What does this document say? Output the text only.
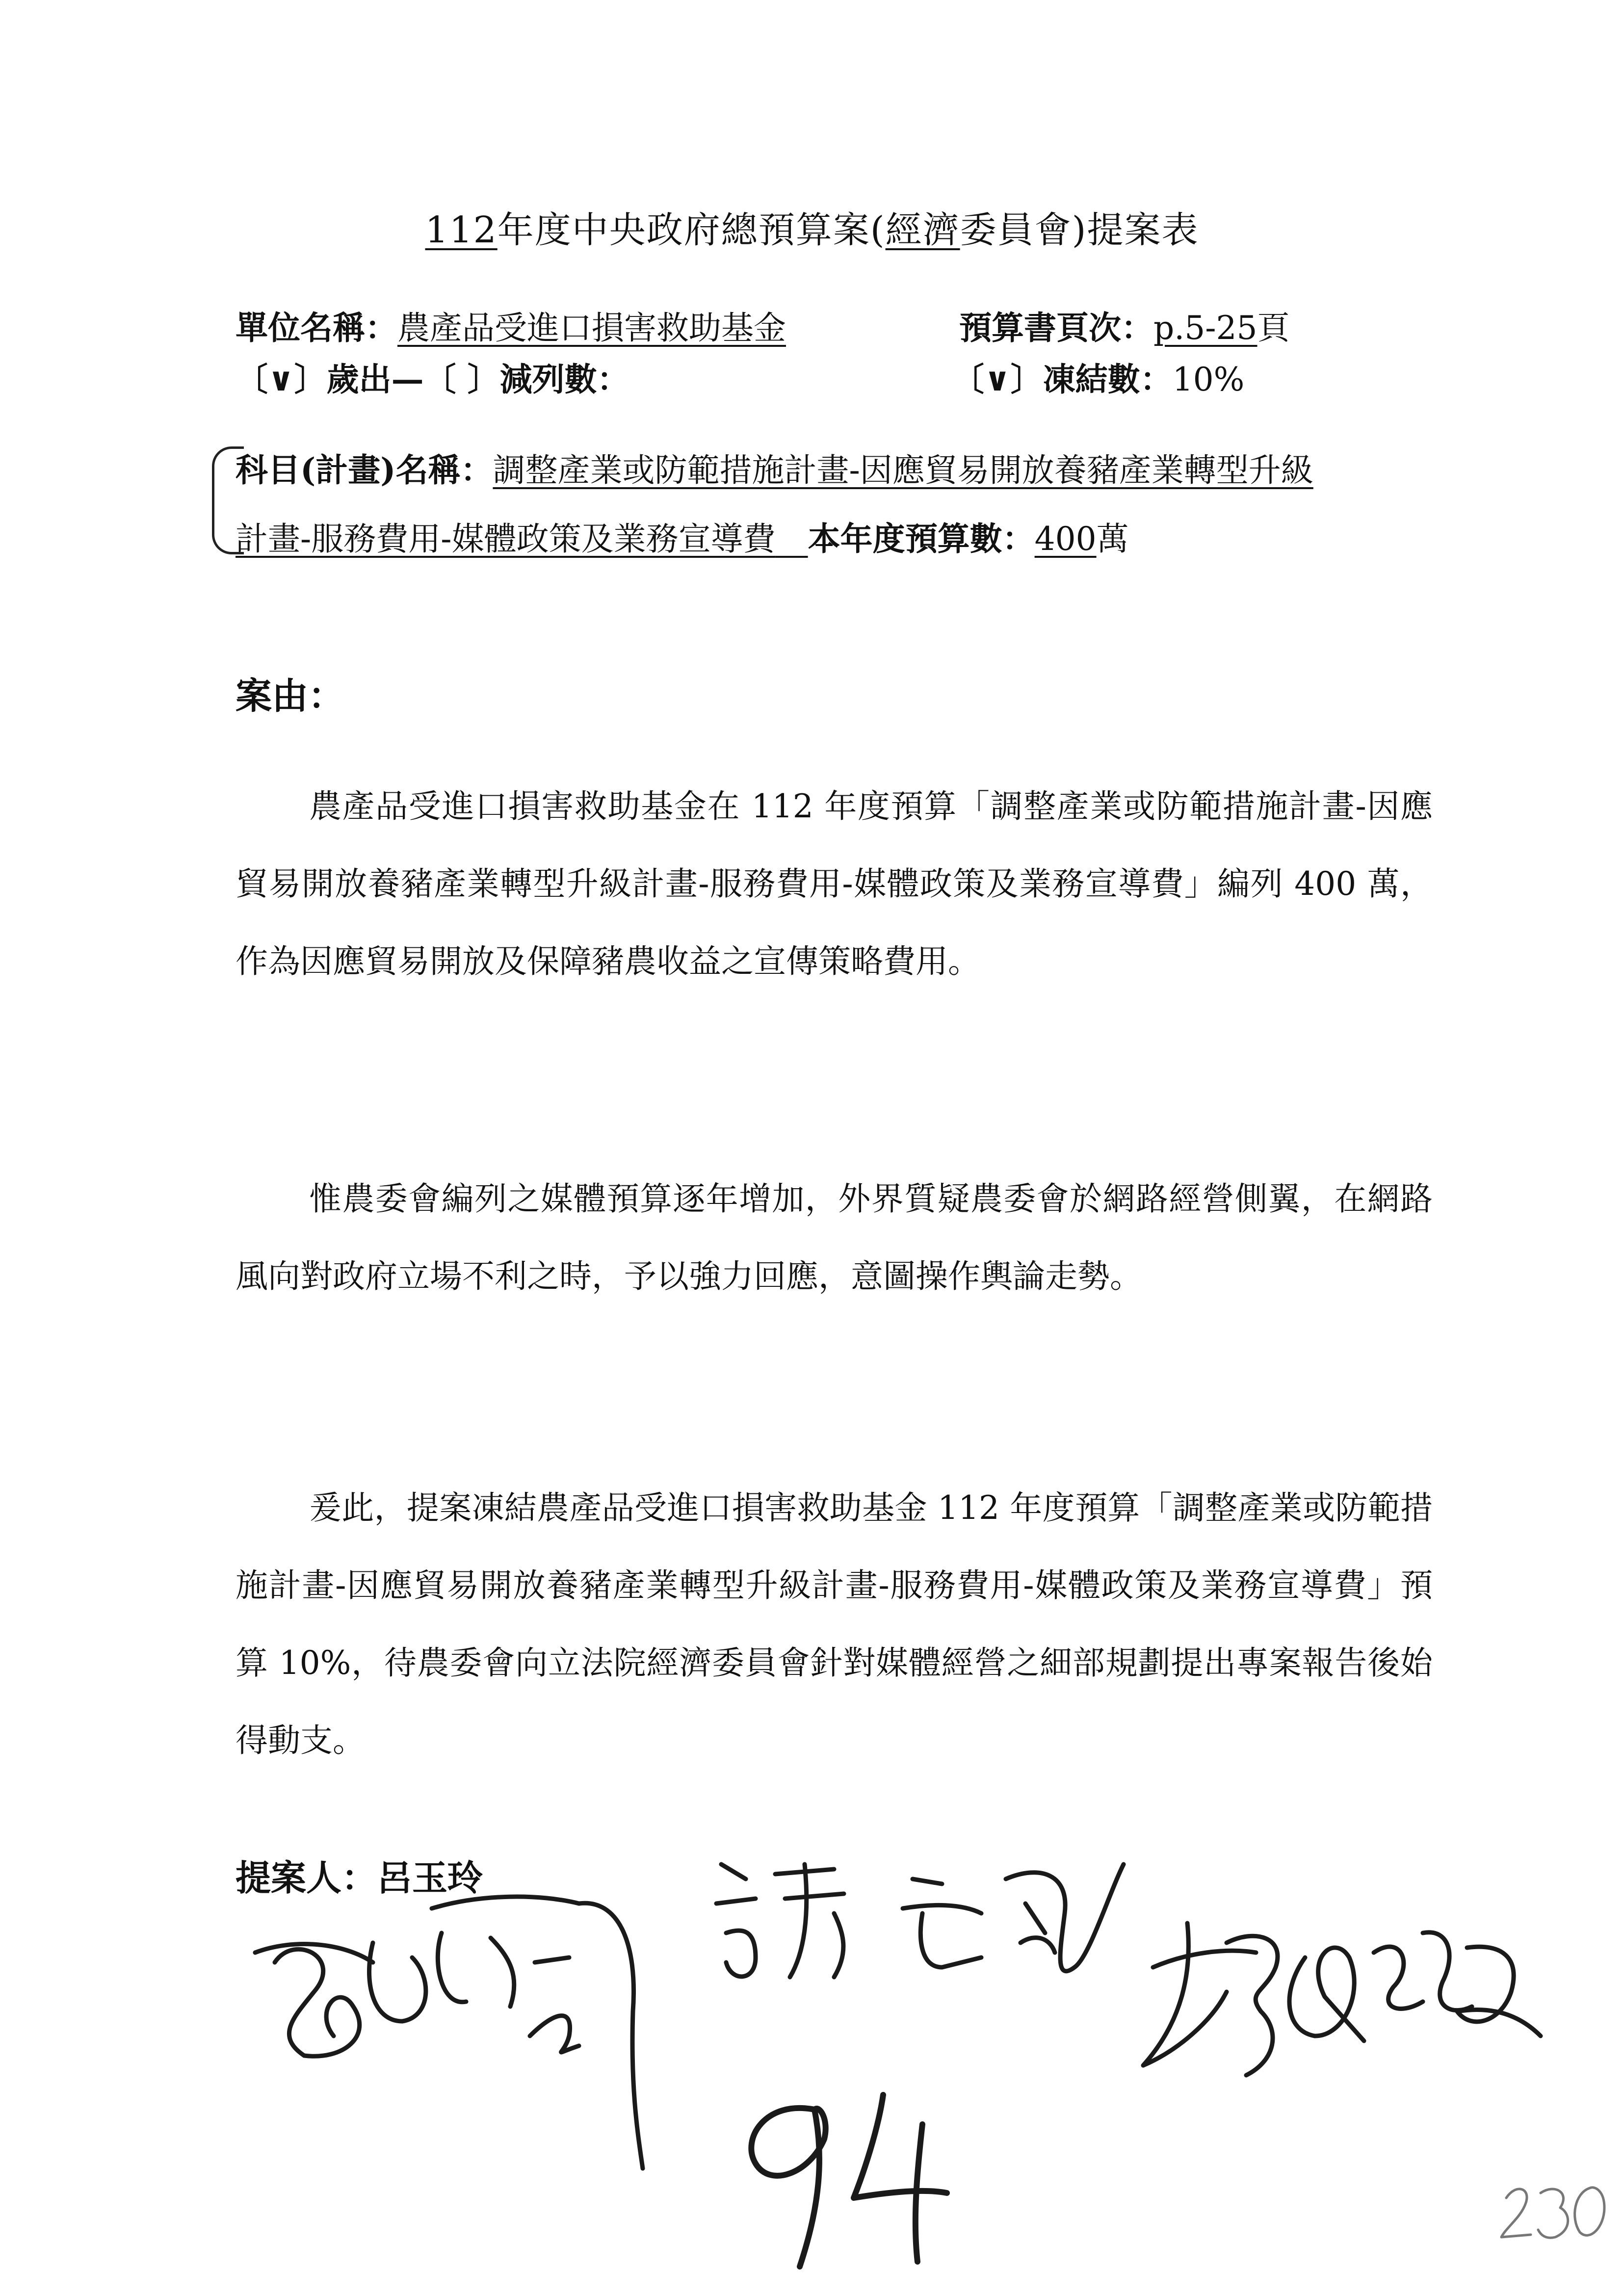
112年度中央政府總預算案(經濟委員會)提案表
單位名稱：農產品受進口損害救助基金	預算書頁次：p.5-25頁
〔∨〕歲出—〔 〕減列數：	〔∨〕凍結數：10%
科目(計畫)名稱：調整產業或防範措施計畫-因應貿易開放養豬產業轉型升級
計畫-服務費用-媒體政策及業務宣導費　 本年度預算數：400萬
案由：

農產品受進口損害救助基金在 112 年度預算「調整產業或防範措施計畫-因應貿易開放養豬產業轉型升級計畫-服務費用-媒體政策及業務宣導費」編列 400 萬，作為因應貿易開放及保障豬農收益之宣傳策略費用。

惟農委會編列之媒體預算逐年增加，外界質疑農委會於網路經營側翼，在網路風向對政府立場不利之時，予以強力回應，意圖操作輿論走勢。

爰此，提案凍結農產品受進口損害救助基金 112 年度預算「調整產業或防範措施計畫-因應貿易開放養豬產業轉型升級計畫-服務費用-媒體政策及業務宣導費」預算 10%，待農委會向立法院經濟委員會針對媒體經營之細部規劃提出專案報告後始得動支。

提案人：呂玉玲
